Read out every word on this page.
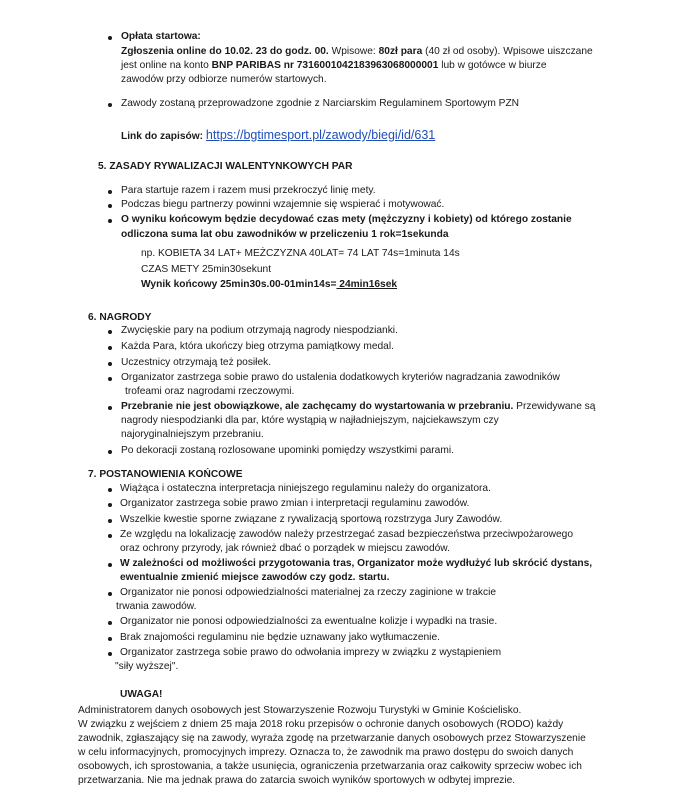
Opłata startowa:
Zgłoszenia online do 10.02. 23 do godz. 00. Wpisowe: 80zł para (40 zł od osoby). Wpisowe uiszczane
jest online na konto BNP PARIBAS nr 7316001042183963068000001 lub w gotówce w biurze
zawodów przy odbiorze numerów startowych.
Zawody zostaną przeprowadzone zgodnie z Narciarskim Regulaminem Sportowym PZN
Link do zapisów: https://bgtimesport.pl/zawody/biegi/id/631
5. ZASADY RYWALIZACJI WALENTYNKOWYCH PAR
Para startuje razem i razem musi przekroczyć linię mety.
Podczas biegu partnerzy powinni wzajemnie się wspierać i motywować.
O wyniku końcowym będzie decydować czas mety (mężczyzny i kobiety) od którego zostanie
odliczona suma lat obu zawodników w przeliczeniu 1 rok=1sekunda
np. KOBIETA 34 LAT+ MEŻCZYZNA 40LAT= 74 LAT 74s=1minuta 14s
CZAS METY 25min30sekunt
Wynik końcowy 25min30s.00-01min14s= 24min16sek
6. NAGRODY
Zwycięskie pary na podium otrzymają nagrody niespodzianki.
Każda Para, która ukończy bieg otrzyma pamiątkowy medal.
Uczestnicy otrzymają też posiłek.
Organizator zastrzega sobie prawo do ustalenia dodatkowych kryteriów nagradzania zawodników
trofeami oraz nagrodami rzeczowymi.
Przebranie nie jest obowiązkowe, ale zachęcamy do wystartowania w przebraniu. Przewidywane są
nagrody niespodzianki dla par, które wystąpią w najładniejszym, najciekawszym czy
najoryginalniejszym przebraniu.
Po dekoracji zostaną rozlosowane upominki pomiędzy wszystkimi parami.
7. POSTANOWIENIA KOŃCOWE
Wiążąca i ostateczna interpretacja niniejszego regulaminu należy do organizatora.
Organizator zastrzega sobie prawo zmian i interpretacji regulaminu zawodów.
Wszelkie kwestie sporne związane z rywalizacją sportową rozstrzyga Jury Zawodów.
Ze względu na lokalizację zawodów należy przestrzegać zasad bezpieczeństwa przeciwpożarowego
oraz ochrony przyrody, jak również dbać o porządek w miejscu zawodów.
W zależności od możliwości przygotowania tras, Organizator może wydłużyć lub skrócić dystans,
ewentualnie zmienić miejsce zawodów czy godz. startu.
Organizator nie ponosi odpowiedzialności materialnej za rzeczy zaginione w trakcie
trwania zawodów.
Organizator nie ponosi odpowiedzialności za ewentualne kolizje i wypadki na trasie.
Brak znajomości regulaminu nie będzie uznawany jako wytłumaczenie.
Organizator zastrzega sobie prawo do odwołania imprezy w związku z wystąpieniem
"siły wyższej".
UWAGA!
Administratorem danych osobowych jest Stowarzyszenie Rozwoju Turystyki w Gminie Kościelisko.
W związku z wejściem z dniem 25 maja 2018 roku przepisów o ochronie danych osobowych (RODO) każdy
zawodnik, zgłaszający się na zawody, wyraża zgodę na przetwarzanie danych osobowych przez Stowarzyszenie
w celu informacyjnych, promocyjnych imprezy. Oznacza to, że zawodnik ma prawo dostępu do swoich danych
osobowych, ich sprostowania, a także usunięcia, ograniczenia przetwarzania oraz całkowity sprzeciw wobec ich
przetwarzania. Nie ma jednak prawa do zatarcia swoich wyników sportowych w odbytej imprezie.
